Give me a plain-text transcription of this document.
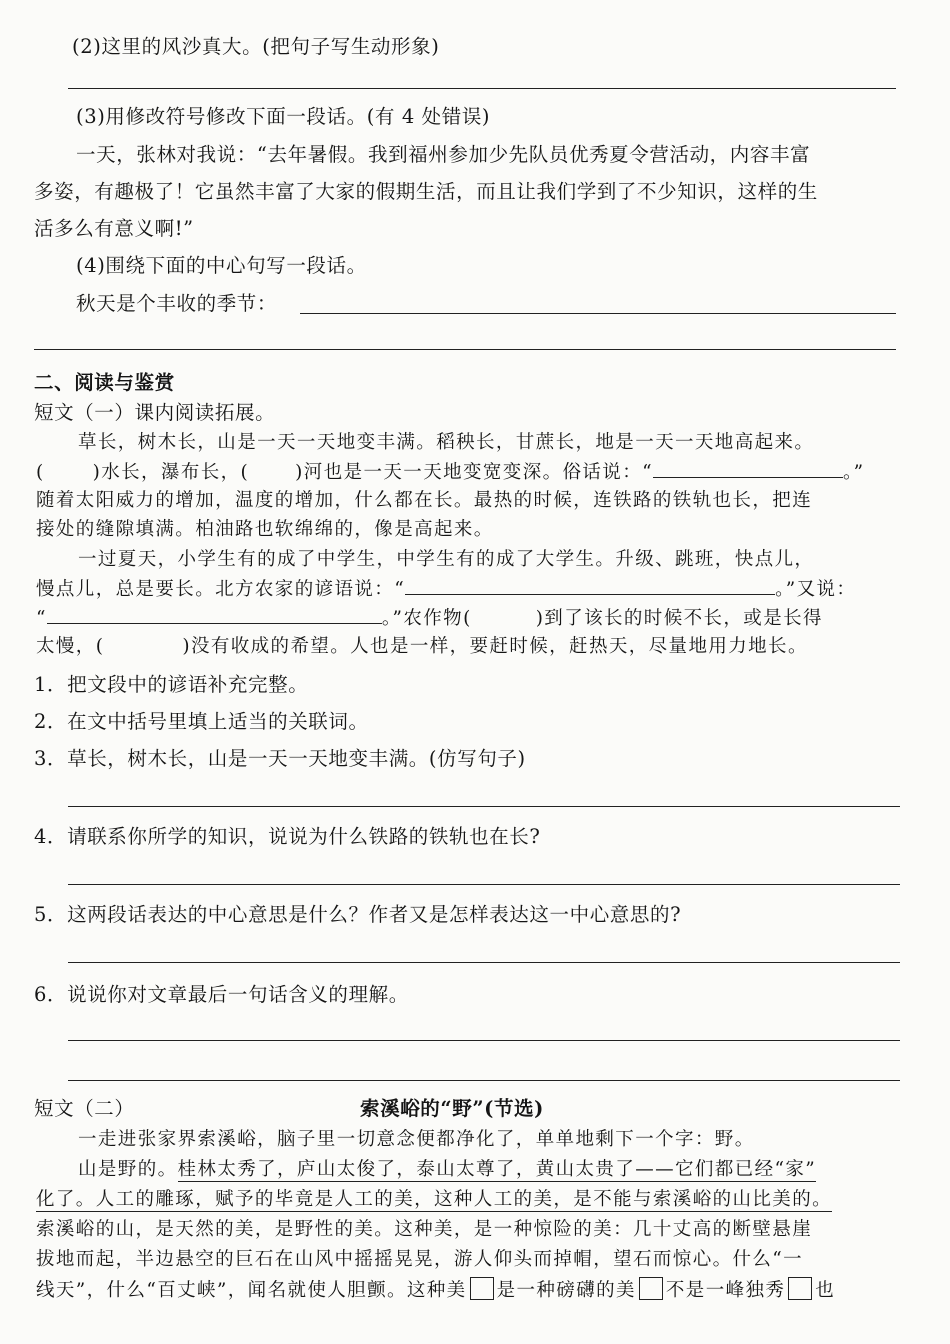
(2)这里的风沙真大。(把句子写生动形象)
(3)用修改符号修改下面一段话。(有 4 处错误)
一天，张林对我说：“去年暑假。我到福州参加少先队员优秀夏令营活动，内容丰富
多姿，有趣极了！它虽然丰富了大家的假期生活，而且让我们学到了不少知识，这样的生
活多么有意义啊!”
(4)围绕下面的中心句写一段话。
秋天是个丰收的季节：
二、阅读与鉴赏
短文（一）课内阅读拓展。
草长，树木长，山是一天一天地变丰满。稻秧长，甘蔗长，地是一天一天地高起来。
(	)水长，瀑布长，( )河也是一天一天地变宽变深。俗话说：“	。”
随着太阳威力的增加，温度的增加，什么都在长。最热的时候，连铁路的铁轨也长，把连
接处的缝隙填满。柏油路也软绵绵的，像是高起来。
一过夏天，小学生有的成了中学生，中学生有的成了大学生。升级、跳班，快点儿，
慢点儿，总是要长。北方农家的谚语说：“	。”又说：
“	。”农作物(	)到了该长的时候不长，或是长得
太慢，(	)没有收成的希望。人也是一样，要赶时候，赶热天，尽量地用力地长。
1．把文段中的谚语补充完整。
2．在文中括号里填上适当的关联词。
3．草长，树木长，山是一天一天地变丰满。(仿写句子)
4．请联系你所学的知识，说说为什么铁路的铁轨也在长?
5．这两段话表达的中心意思是什么？作者又是怎样表达这一中心意思的?
6．说说你对文章最后一句话含义的理解。
短文（二）	索溪峪的“野”(节选)
一走进张家界索溪峪，脑子里一切意念便都净化了，单单地剩下一个字：野。
山是野的。桂林太秀了，庐山太俊了，泰山太尊了，黄山太贵了——它们都已经“家”
化了。人工的雕琢，赋予的毕竟是人工的美，这种人工的美，是不能与索溪峪的山比美的。
索溪峪的山，是天然的美，是野性的美。这种美，是一种惊险的美：几十丈高的断壁悬崖
拔地而起，半边悬空的巨石在山风中摇摇晃晃，游人仰头而掉帽，望石而惊心。什么“一
线天”，什么“百丈峡”，闻名就使人胆颤。这种美 是一种磅礴的美 不是一峰独秀 也
